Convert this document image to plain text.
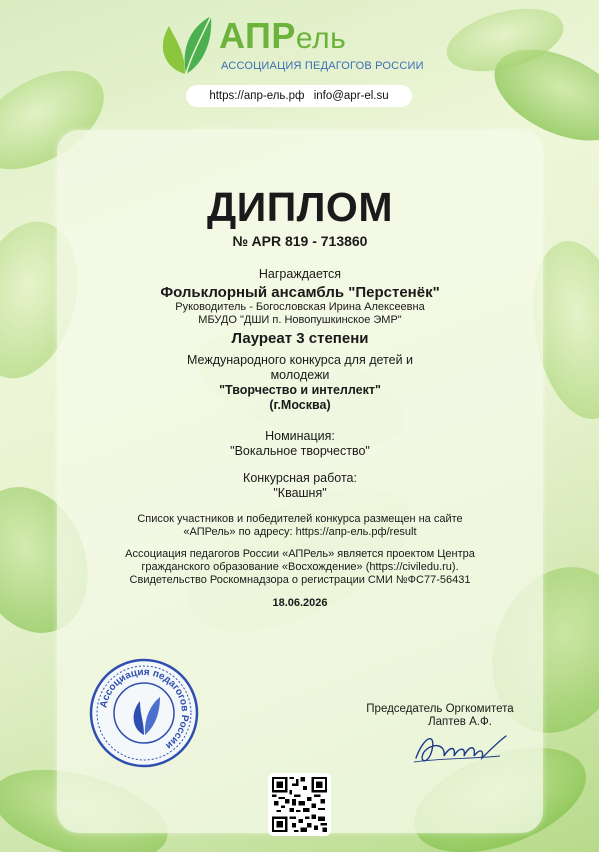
АПРель
АССОЦИАЦИЯ ПЕДАГОГОВ РОССИИ
https://апр-ель.рф info@apr-el.su
ДИПЛОМ
№ APR 819 - 713860
Награждается
Фольклорный ансамбль "Перстенёк"
Руководитель - Богословская Ирина Алексеевна
МБУДО "ДШИ п. Новопушкинское ЭМР"
Лауреат 3 степени
Международного конкурса для детей и молодежи
"Творчество и интеллект"
(г.Москва)
Номинация:
"Вокальное творчество"
Конкурсная работа:
"Квашня"
Список участников и победителей конкурса размещен на сайте «АПРель» по адресу: https://апр-ель.рф/result
Ассоциация педагогов России «АПРель» является проектом Центра гражданского образование «Восхождение» (https://civiledu.ru). Свидетельство Роскомнадзора о регистрации СМИ №ФС77-56431
18.06.2026
Ассоциация педагогов России
Председатель Оргкомитета
Лаптев А.Ф.
